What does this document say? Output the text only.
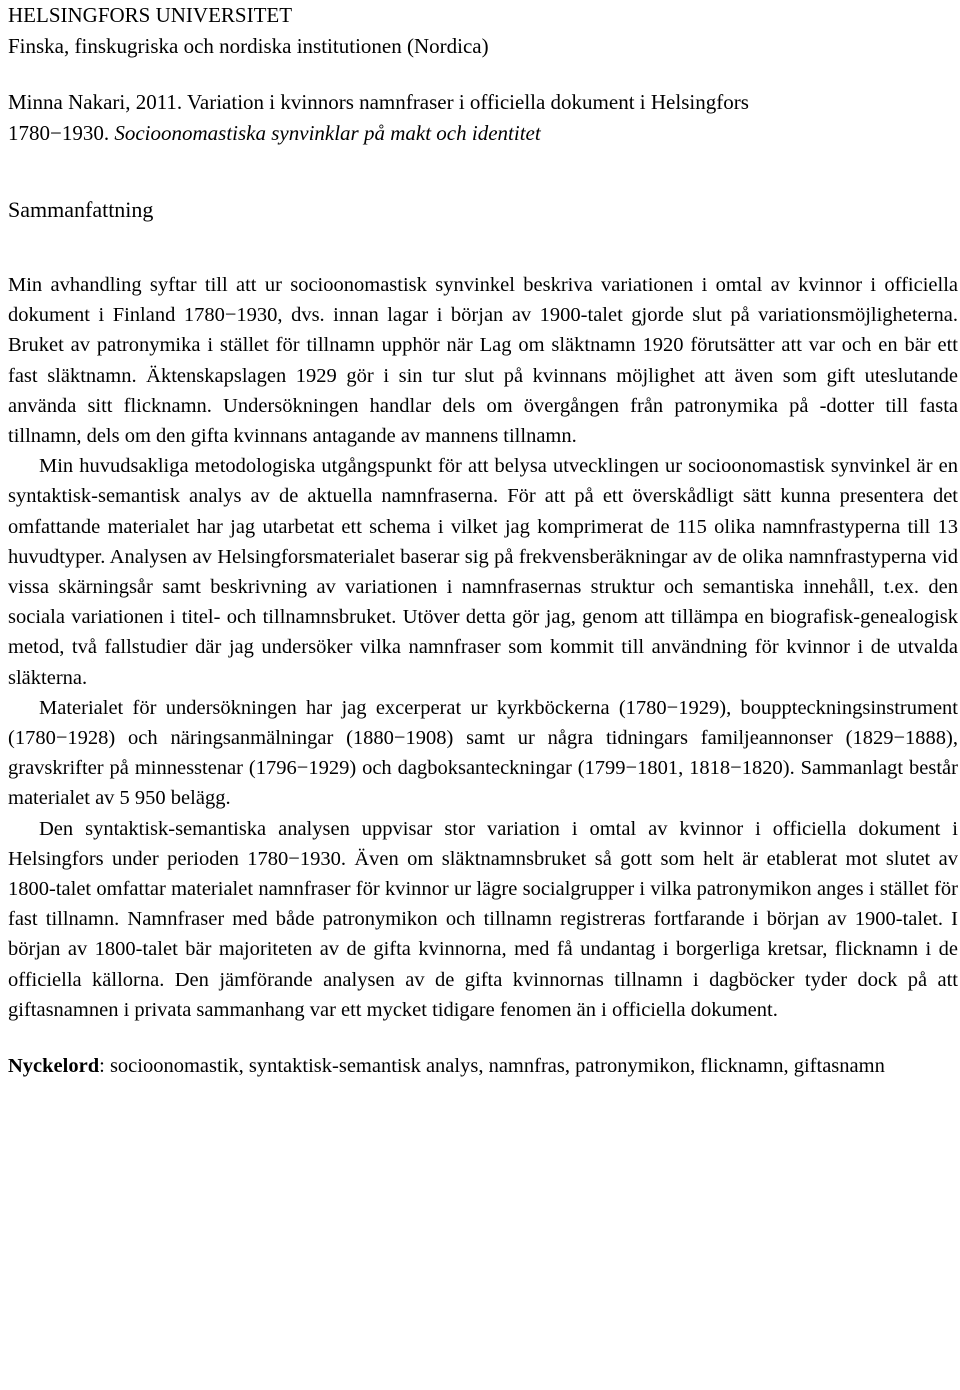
HELSINGFORS UNIVERSITET
Finska, finskugriska och nordiska institutionen (Nordica)
Minna Nakari, 2011. Variation i kvinnors namnfraser i officiella dokument i Helsingfors
1780−1930. Socioonomastiska synvinklar på makt och identitet
Sammanfattning

Min avhandling syftar till att ur socioonomastisk synvinkel beskriva variationen i omtal av kvinnor i officiella dokument i Finland 1780−1930, dvs. innan lagar i början av 1900-talet gjorde slut på variationsmöjligheterna. Bruket av patronymika i stället för tillnamn upphör när Lag om släktnamn 1920 förutsätter att var och en bär ett fast släktnamn. Äktenskapslagen 1929 gör i sin tur slut på kvinnans möjlighet att även som gift uteslutande använda sitt flicknamn. Undersökningen handlar dels om övergången från patronymika på -dotter till fasta tillnamn, dels om den gifta kvinnans antagande av mannens tillnamn.

Min huvudsakliga metodologiska utgångspunkt för att belysa utvecklingen ur socioonomastisk synvinkel är en syntaktisk-semantisk analys av de aktuella namnfraserna. För att på ett överskådligt sätt kunna presentera det omfattande materialet har jag utarbetat ett schema i vilket jag komprimerat de 115 olika namnfrastyperna till 13 huvudtyper. Analysen av Helsingforsmaterialet baserar sig på frekvensberäkningar av de olika namnfrastyperna vid vissa skärningsår samt beskrivning av variationen i namnfrasernas struktur och semantiska innehåll, t.ex. den sociala variationen i titel- och tillnamnsbruket. Utöver detta gör jag, genom att tillämpa en biografisk-genealogisk metod, två fallstudier där jag undersöker vilka namnfraser som kommit till användning för kvinnor i de utvalda släkterna.

Materialet för undersökningen har jag excerperat ur kyrkböckerna (1780−1929), bouppteckningsinstrument (1780−1928) och näringsanmälningar (1880−1908) samt ur några tidningars familjeannonser (1829−1888), gravskrifter på minnesstenar (1796−1929) och dagboksanteckningar (1799−1801, 1818−1820). Sammanlagt består materialet av 5 950 belägg.

Den syntaktisk-semantiska analysen uppvisar stor variation i omtal av kvinnor i officiella dokument i Helsingfors under perioden 1780−1930. Även om släktnamnsbruket så gott som helt är etablerat mot slutet av 1800-talet omfattar materialet namnfraser för kvinnor ur lägre socialgrupper i vilka patronymikon anges i stället för fast tillnamn. Namnfraser med både patronymikon och tillnamn registreras fortfarande i början av 1900-talet. I början av 1800-talet bär majoriteten av de gifta kvinnorna, med få undantag i borgerliga kretsar, flicknamn i de officiella källorna. Den jämförande analysen av de gifta kvinnornas tillnamn i dagböcker tyder dock på att giftasnamnen i privata sammanhang var ett mycket tidigare fenomen än i officiella dokument.

Nyckelord: socioonomastik, syntaktisk-semantisk analys, namnfras, patronymikon, flicknamn, giftasnamn
